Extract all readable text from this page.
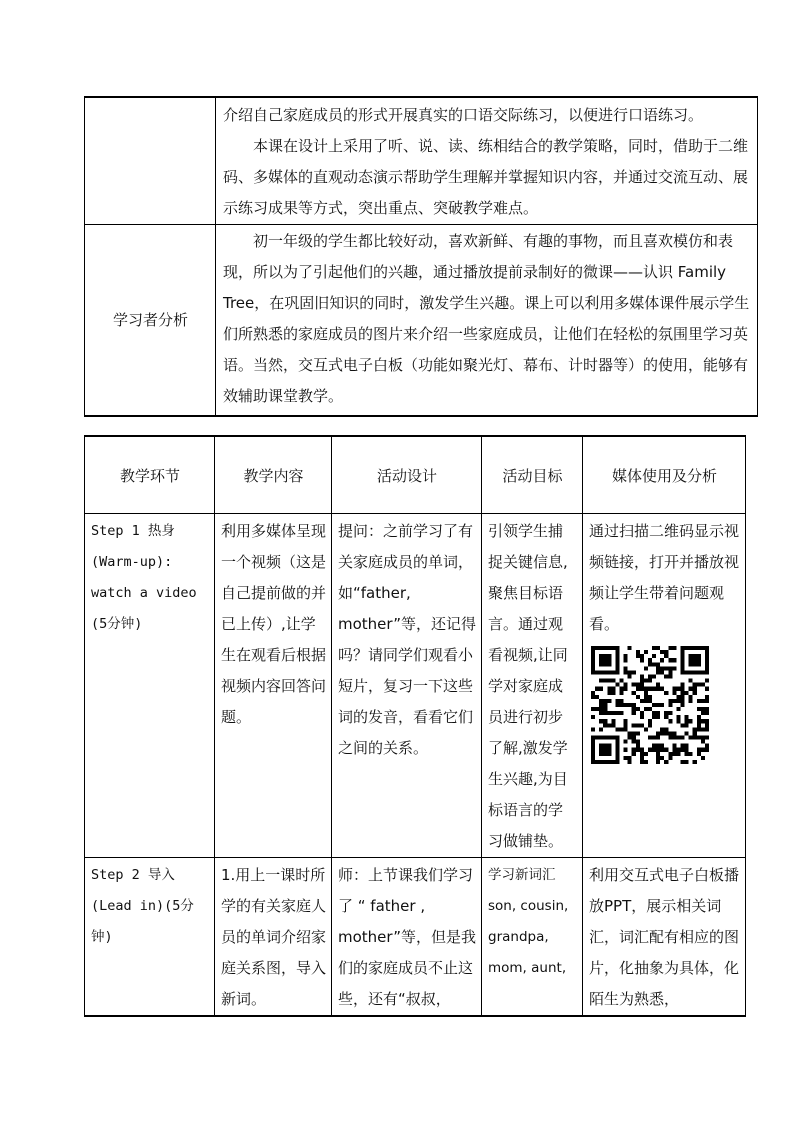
	介绍自己家庭成员的形式开展真实的口语交际练习，以便进行口语练习。
本课在设计上采用了听、说、读、练相结合的教学策略，同时，借助于二维码、多媒体的直观动态演示帮助学生理解并掌握知识内容，并通过交流互动、展示练习成果等方式，突出重点、突破教学难点。

学习者分析	初一年级的学生都比较好动，喜欢新鲜、有趣的事物，而且喜欢模仿和表现，所以为了引起他们的兴趣，通过播放提前录制好的微课——认识 Family Tree，在巩固旧知识的同时，激发学生兴趣。课上可以利用多媒体课件展示学生们所熟悉的家庭成员的图片来介绍一些家庭成员，让他们在轻松的氛围里学习英语。当然，交互式电子白板（功能如聚光灯、幕布、计时器等）的使用，能够有效辅助课堂教学。
教学环节	教学内容	活动设计	活动目标	媒体使用及分析
Step 1 热身 (Warm-up): watch a video (5分钟)	利用多媒体呈现一个视频（这是自己提前做的并已上传）,让学生在观看后根据视频内容回答问题。	提问：之前学习了有关家庭成员的单词，如“father, mother”等，还记得吗？请同学们观看小短片，复习一下这些词的发音，看看它们之间的关系。	引领学生捕捉关键信息,聚焦目标语言。通过观看视频,让同学对家庭成员进行初步了解,激发学生兴趣,为目标语言的学习做铺垫。	通过扫描二维码显示视频链接，打开并播放视频让学生带着问题观看。

Step 2 导入 (Lead in)(5分钟)	1.用上一课时所学的有关家庭人员的单词介绍家庭关系图，导入新词。	师：上节课我们学习了 “ father , mother”等，但是我们的家庭成员不止这些，还有“叔叔，	学习新词汇 son, cousin, grandpa, mom, aunt,	利用交互式电子白板播放PPT，展示相关词汇，词汇配有相应的图片，化抽象为具体，化陌生为熟悉，
